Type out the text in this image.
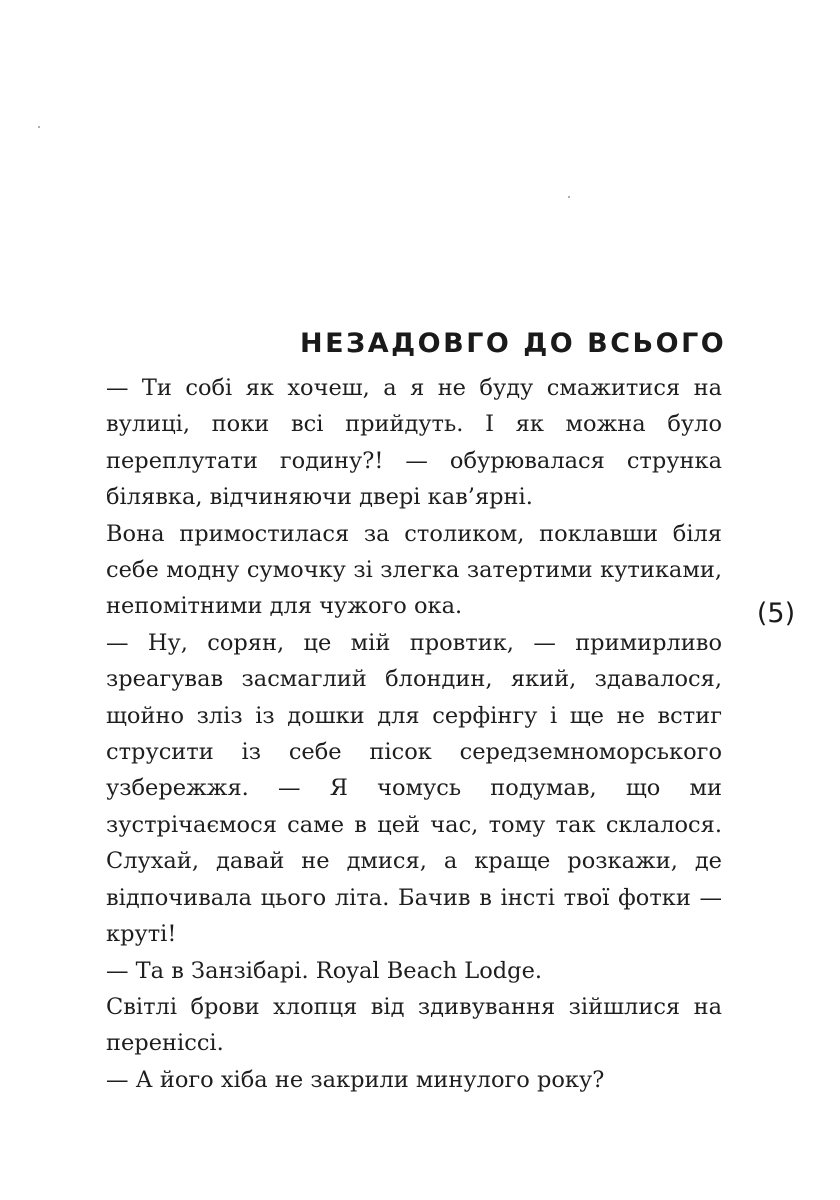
НЕЗАДОВГО ДО ВСЬОГО

— Ти собі як хочеш, а я не буду смажитися на вулиці, поки всі прийдуть. І як можна було переплутати годину?! — обурювалася струнка білявка, відчиняючи двері кав’ярні.

Вона примостилася за столиком, поклавши біля себе модну сумочку зі злегка затертими кутиками, непомітними для чужого ока.

— Ну, сорян, це мій провтик, — примирливо зреагував засмаглий блондин, який, здавалося, щойно зліз із дошки для серфінгу і ще не встиг струсити із себе пісок середземноморського узбережжя. — Я чомусь подумав, що ми зустрічаємося саме в цей час, тому так склалося. Слухай, давай не дмися, а краще розкажи, де відпочивала цього літа. Бачив в інсті твої фотки — круті!

— Та в Занзібарі. Royal Beach Lodge.

Світлі брови хлопця від здивування зійшлися на переніссі.

— А його хіба не закрили минулого року?

(5)
